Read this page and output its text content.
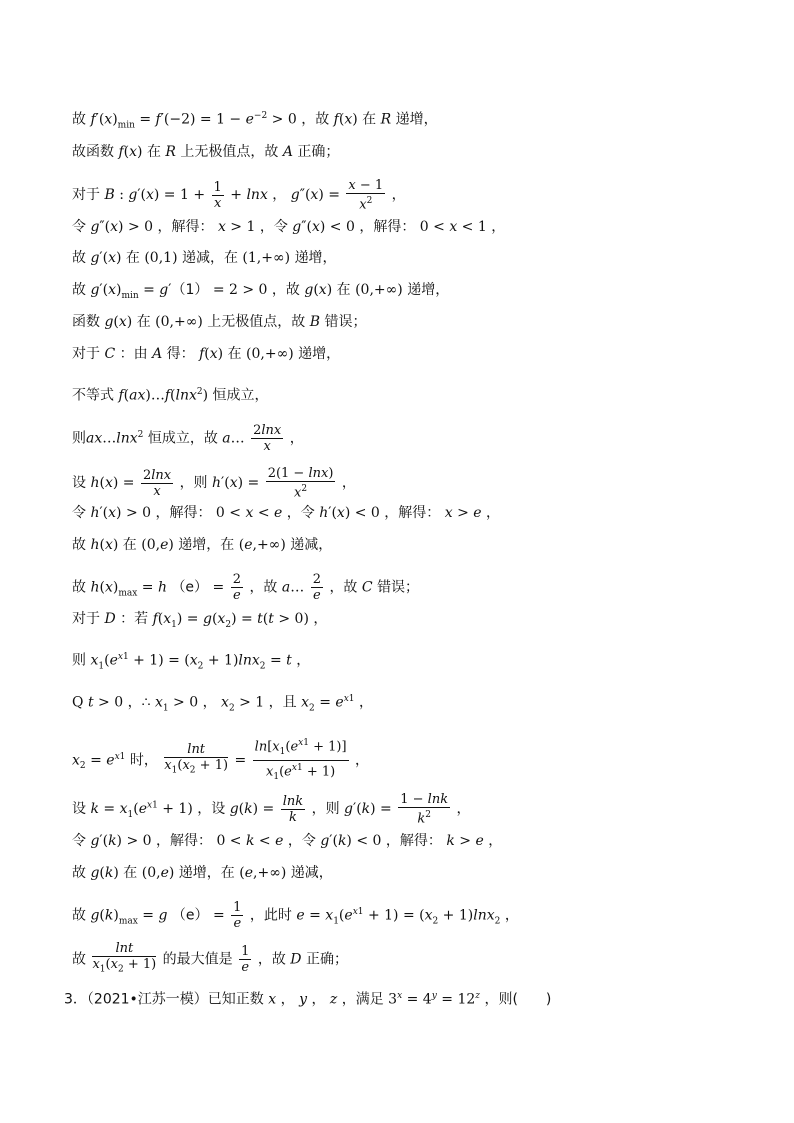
故 $f'(x)_{min} = f'(-2) = 1 - e^{-2} > 0$ ，故 f(x) 在 R 递增，
故函数 f(x) 在 R 上无极值点，故 A 正确；
对于 B : $g'(x) = 1 + \frac{1}{x} + \ln x$ ， $g''(x) = \frac{x - 1}{x^2}$ ，
令 g″(x) > 0 ，解得： x > 1 ，令 g″(x) < 0 ，解得： 0 < x < 1 ，
故 g′(x) 在 (0,1) 递减，在 (1,+∞) 递增，
故 $g'(x)_{min} = g'(1) = 2 > 0$ ，故 g(x) 在 (0,+∞) 递增，
函数 g(x) 在 (0,+∞) 上无极值点，故 B 错误；
对于 C ：由 A 得： f(x) 在 (0,+∞) 递增，
不等式 f(ax)…f(lnx$^2$) 恒成立，
则ax…lnx$^2$ 恒成立，故 a… $\frac{2\ln x}{x}$ ，
设 $h(x) = \frac{2\ln x}{x}$ ，则 $h'(x) = \frac{2(1 - \ln x)}{x^2}$ ，
令 h′(x) > 0 ，解得： 0 < x < e ，令 h′(x) < 0 ，解得： x > e ，
故 h(x) 在 (0,e) 递增，在 (e,+∞) 递减，
故 $h(x)_{max} = h$ $(e) = \frac{2}{e}$ ，故 a… $\frac{2}{e}$ ，故 C 错误；
对于 D ：若 $f(x_1) = g(x_2) = t(t > 0)$ ，
则 $x_1(e^{x1} + 1) = (x_2 + 1)\ln x_2 = t$ ，
Q t > 0 ，∴ $x_1 > 0$ ， $x_2 > 1$ ，且 $x_2 = e^{x1}$ ，
$x_2 = e^{x1}$ 时， $\frac{\ln t}{x_1(x_2 + 1)} = \frac{\ln[x_1(e^{x1} + 1)]}{x_1(e^{x1} + 1)}$ ，
设 $k = x_1(e^{x1} + 1)$ ，设 $g(k) = \frac{\ln k}{k}$ ，则 $g'(k) = \frac{1 - \ln k}{k^2}$ ，
令 g′(k) > 0 ，解得： 0 < k < e ，令 g′(k) < 0 ，解得： k > e ，
故 g(k) 在 (0,e) 递增，在 (e,+∞) 递减，
故 $g(k)_{max} = g$ $(e) = \frac{1}{e}$ ，此时 $e = x_1(e^{x1} + 1) = (x_2 + 1)\ln x_2$ ，
故 $\frac{\ln t}{x_1(x_2 + 1)}$ 的最大值是 $\frac{1}{e}$ ，故 D 正确；
3．（2021•江苏一模）已知正数 x ， y ， z ，满足 $3^x = 4^y = 12^z$ ，则(　　)
